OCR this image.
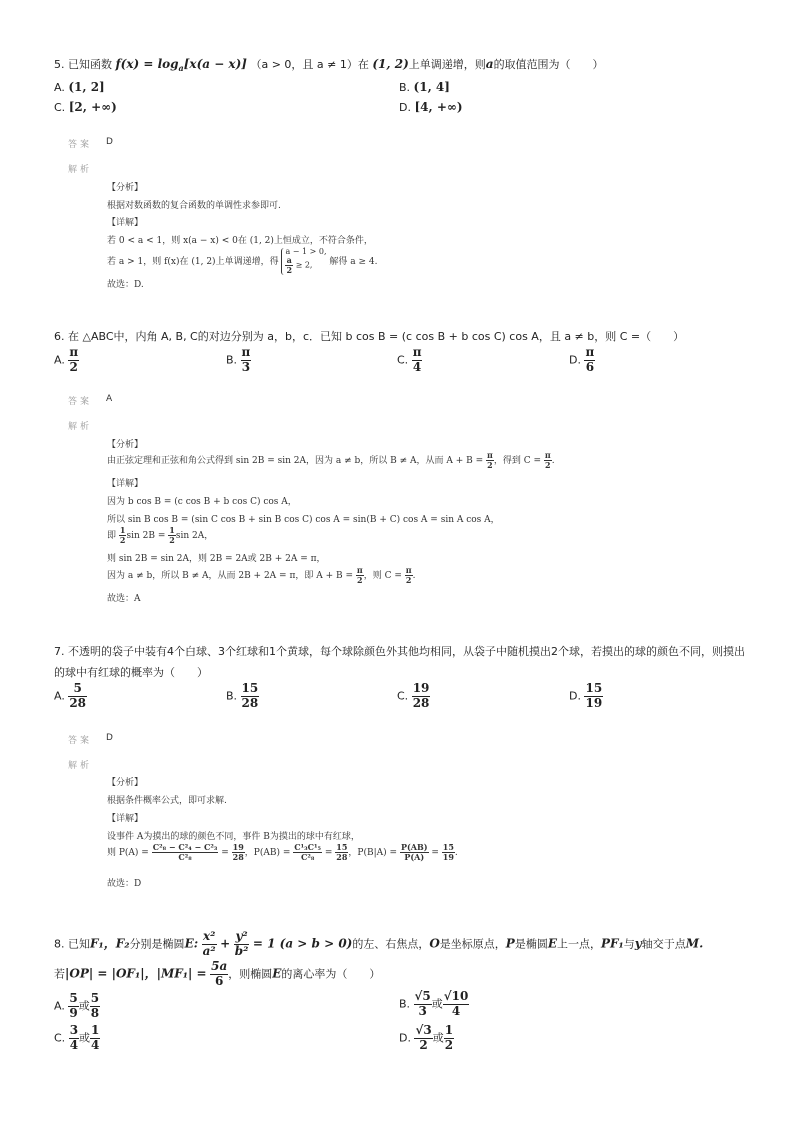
5. 已知函数 $f(x) = \log_a[x(a - x)] (a > 0$，且 a ≠ 1）在 (1, 2)上单调递增，则a的取值范围为（　　）
A. (1, 2]	B. (1, 4]
C. [2, +∞)	D. [4, +∞)
答案 D
解析
【分析】
根据对数函数的复合函数的单调性求参即可.
【详解】
若 0 < a < 1，则 x(a − x) < 0在 (1, 2)上恒成立，不符合条件，
若 a > 1，则 f(x)在 (1, 2)上单调递增，得 a − 1 > 0,

$\frac{a}{2} \ge 2$, 解得 a ≥ 4.
故选：D.
6. 在 △ABC中，内角 A, B, C的对边分别为 a，b，c．已知 b cos B = (c cos B + b cos C) cos A，且 a ≠ b，则 C =（　　）
A. $\frac{\pi}{2}$	B. $\frac{\pi}{3}$	C. $\frac{\pi}{4}$	D. $\frac{\pi}{6}$
答案 A
解析
【分析】
由正弦定理和正弦和角公式得到 sin 2B = sin 2A，因为 a ≠ b，所以 B ≠ A，从而 $A + B = \frac{\pi}{2}$ ，得到 $C = \frac{\pi}{2}$ .
【详解】
因为 b cos B = (c cos B + b cos C) cos A，
所以 sin B cos B = (sin C cos B + sin B cos C) cos A = sin(B + C) cos A = sin A cos A，
即 $\frac{1}{2}$ $\sin 2B = \frac{1}{2}$ sin 2A，
则 sin 2B = sin 2A，则 2B = 2A或 2B + 2A = π，
因为 a ≠ b，所以 B ≠ A，从而 2B + 2A = π，即 $A + B = \frac{\pi}{2}$ ，则 $C = \frac{\pi}{2}$ .
故选：A
7. 不透明的袋子中装有4个白球、3个红球和1个黄球，每个球除颜色外其他均相同，从袋子中随机摸出2个球，若摸出的球的颜色不同，则摸出
的球中有红球的概率为（　　）
A. $\frac{5}{28}$	B. $\frac{15}{28}$	C. $\frac{19}{28}$	D. $\frac{15}{19}$
答案 D
解析
【分析】
根据条件概率公式，即可求解.
【详解】
设事件 A为摸出的球的颜色不同，事件 B为摸出的球中有红球，
则 $P(A) = \frac{\text{C²₈ − C²₄ − C²₃}}{\text{C²₈}} = \frac{19}{28}$ ，$P(AB) = \frac{\text{C¹₃C¹₅}}{\text{C²₈}} = \frac{15}{28}$ ，$P(B|A) = \frac{P(AB)}{P(A)} = \frac{15}{19}$ .
故选：D
8. 已知F₁，F₂分别是椭圆E: $\frac{\text{x²}}{\text{a²}} + \frac{\text{y²}}{\text{b²}} = 1$ (a > b > 0)的左、右焦点，O是坐标原点，P是椭圆E上一点，PF₁与y轴交于点M.
若|OP| = |OF₁|，$|MF_1| = \frac{5a}{6}$ ，则椭圆E的离心率为（　　）
A. $\frac{5}{9}$ 或 $\frac{5}{8}$	B. $\frac{√5}{3}$ 或 $\frac{√10}{4}$
C. $\frac{3}{4}$ 或 $\frac{1}{4}$	D. $\frac{√3}{2}$ 或 $\frac{1}{2}$
